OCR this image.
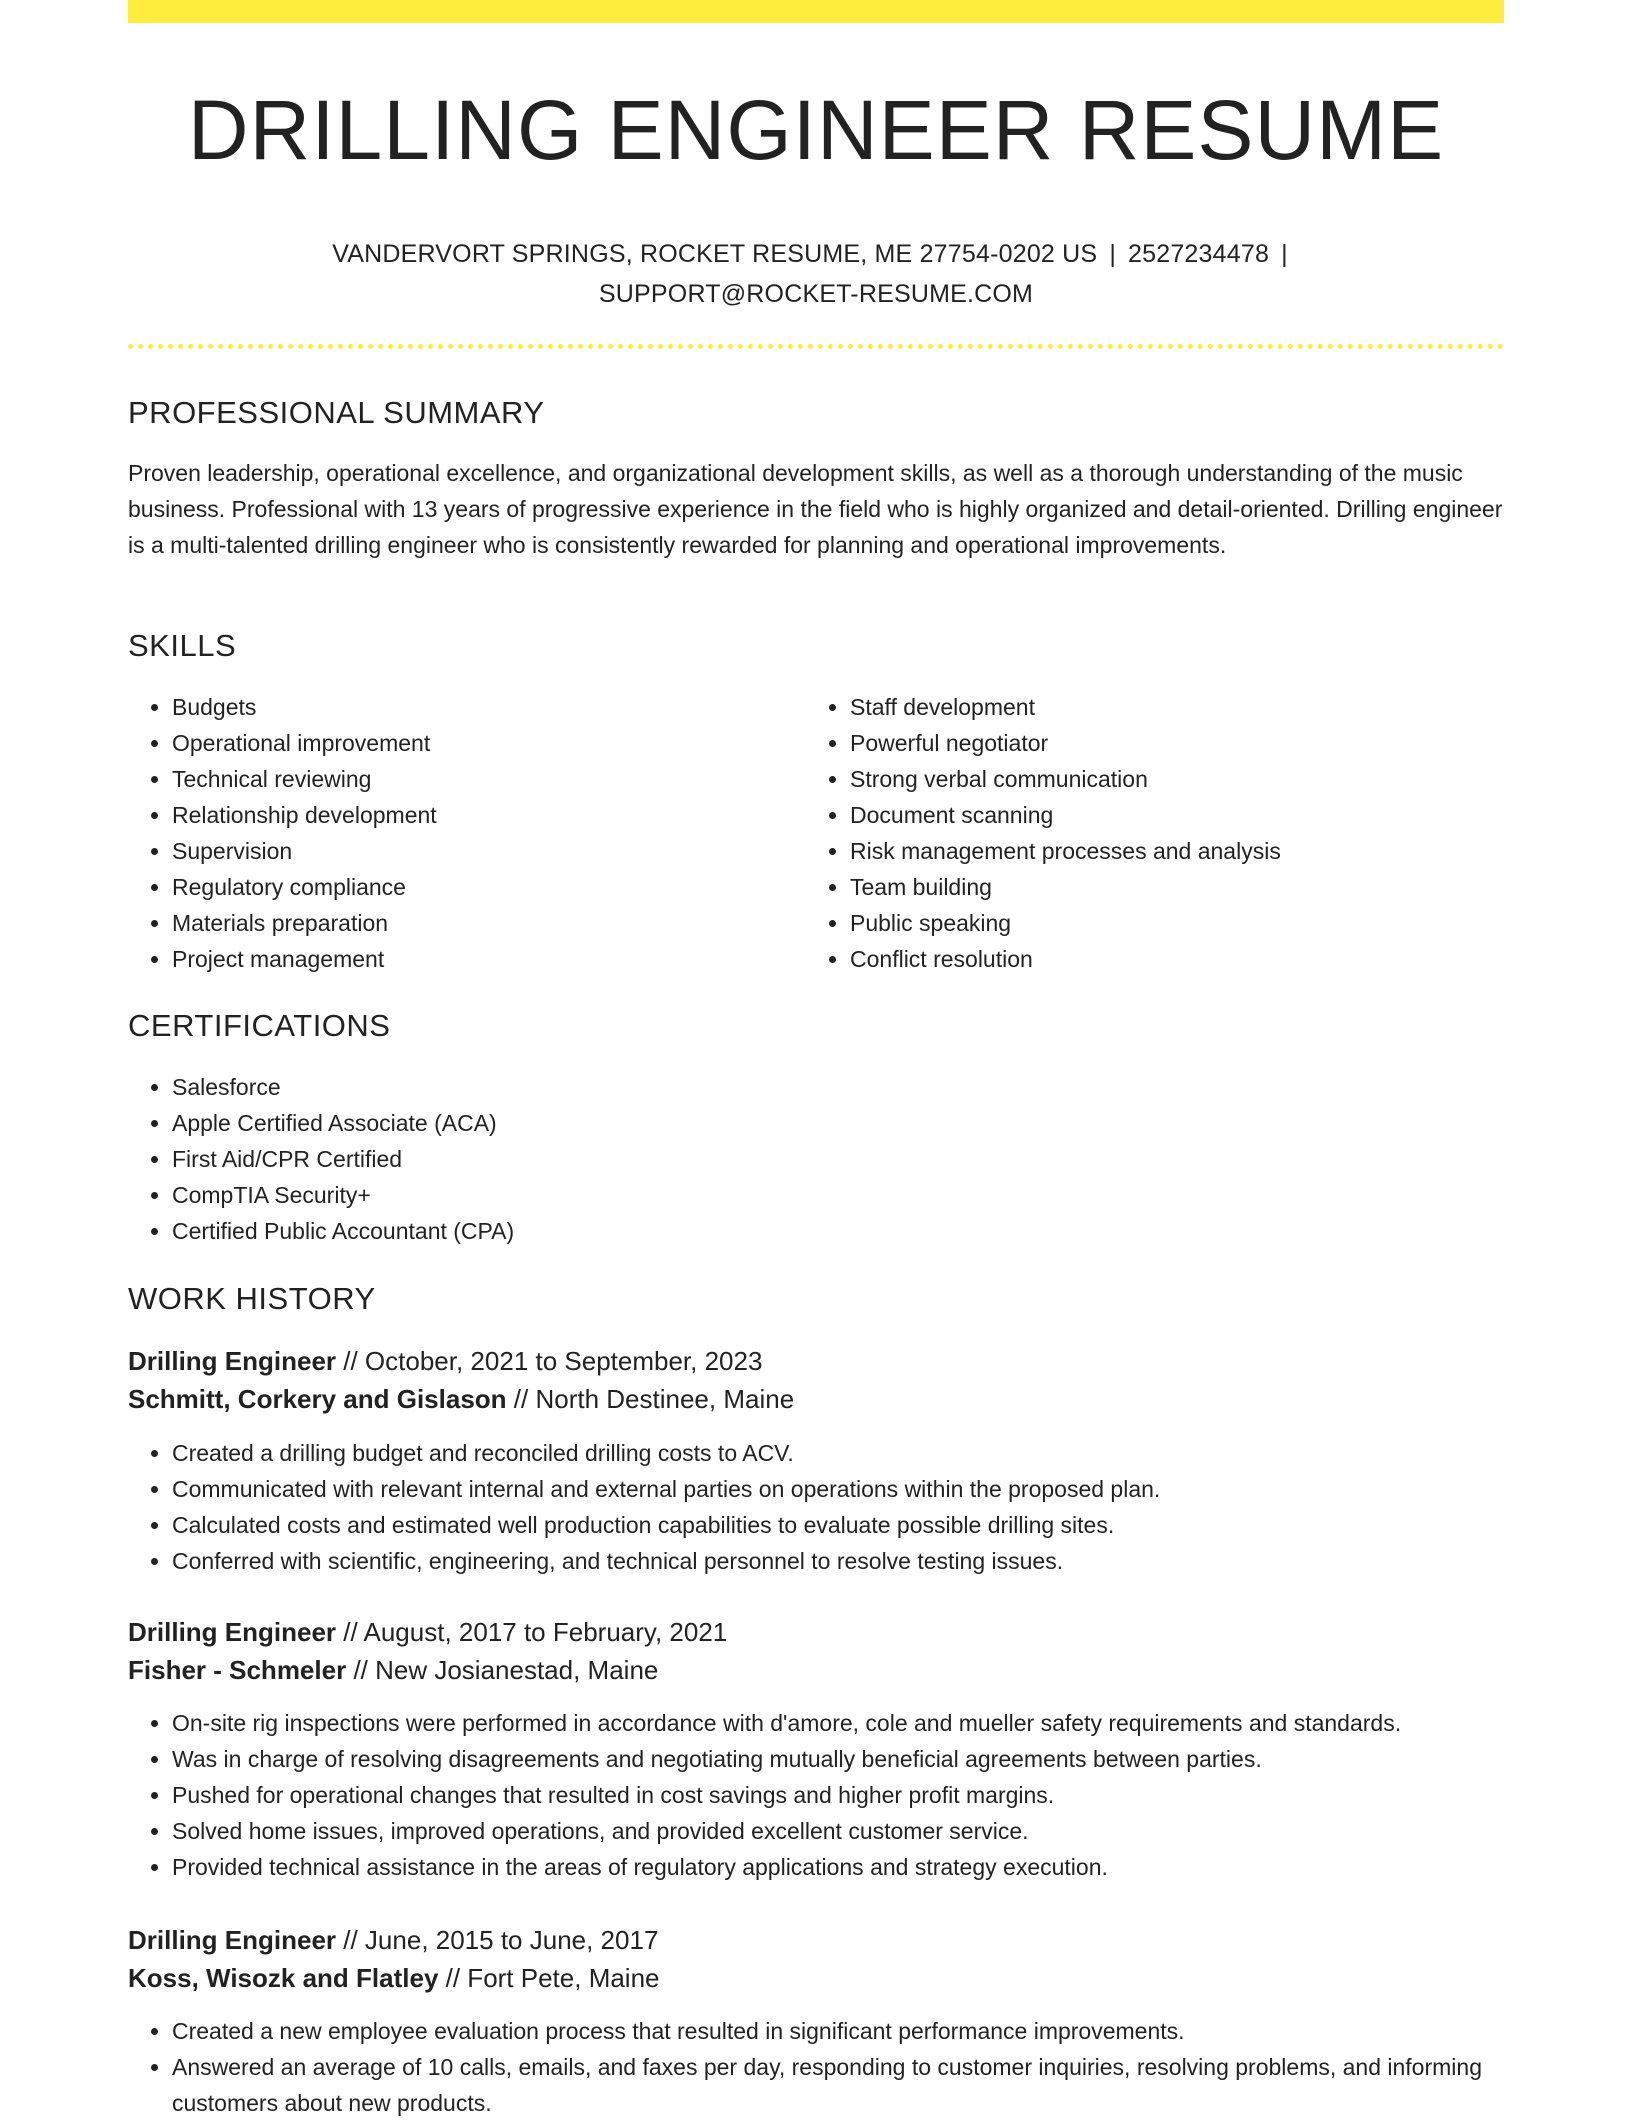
DRILLING ENGINEER RESUME
VANDERVORT SPRINGS, ROCKET RESUME, ME 27754-0202 US | 2527234478 |
SUPPORT@ROCKET-RESUME.COM
PROFESSIONAL SUMMARY

Proven leadership, operational excellence, and organizational development skills, as well as a thorough understanding of the music business. Professional with 13 years of progressive experience in the field who is highly organized and detail-oriented. Drilling engineer is a multi-talented drilling engineer who is consistently rewarded for planning and operational improvements.

SKILLS
• Budgets
• Operational improvement
• Technical reviewing
• Relationship development
• Supervision
• Regulatory compliance
• Materials preparation
• Project management
• Staff development
• Powerful negotiator
• Strong verbal communication
• Document scanning
• Risk management processes and analysis
• Team building
• Public speaking
• Conflict resolution
CERTIFICATIONS
• Salesforce
• Apple Certified Associate (ACA)
• First Aid/CPR Certified
• CompTIA Security+
• Certified Public Accountant (CPA)
WORK HISTORY

Drilling Engineer // October, 2021 to September, 2023

Schmitt, Corkery and Gislason // North Destinee, Maine

• Created a drilling budget and reconciled drilling costs to ACV.
• Communicated with relevant internal and external parties on operations within the proposed plan.
• Calculated costs and estimated well production capabilities to evaluate possible drilling sites.
• Conferred with scientific, engineering, and technical personnel to resolve testing issues.

Drilling Engineer // August, 2017 to February, 2021

Fisher - Schmeler // New Josianestad, Maine

• On-site rig inspections were performed in accordance with d'amore, cole and mueller safety requirements and standards.
• Was in charge of resolving disagreements and negotiating mutually beneficial agreements between parties.
• Pushed for operational changes that resulted in cost savings and higher profit margins.
• Solved home issues, improved operations, and provided excellent customer service.
• Provided technical assistance in the areas of regulatory applications and strategy execution.

Drilling Engineer // June, 2015 to June, 2017

Koss, Wisozk and Flatley // Fort Pete, Maine

• Created a new employee evaluation process that resulted in significant performance improvements.
• Answered an average of 10 calls, emails, and faxes per day, responding to customer inquiries, resolving problems, and informing customers about new products.
